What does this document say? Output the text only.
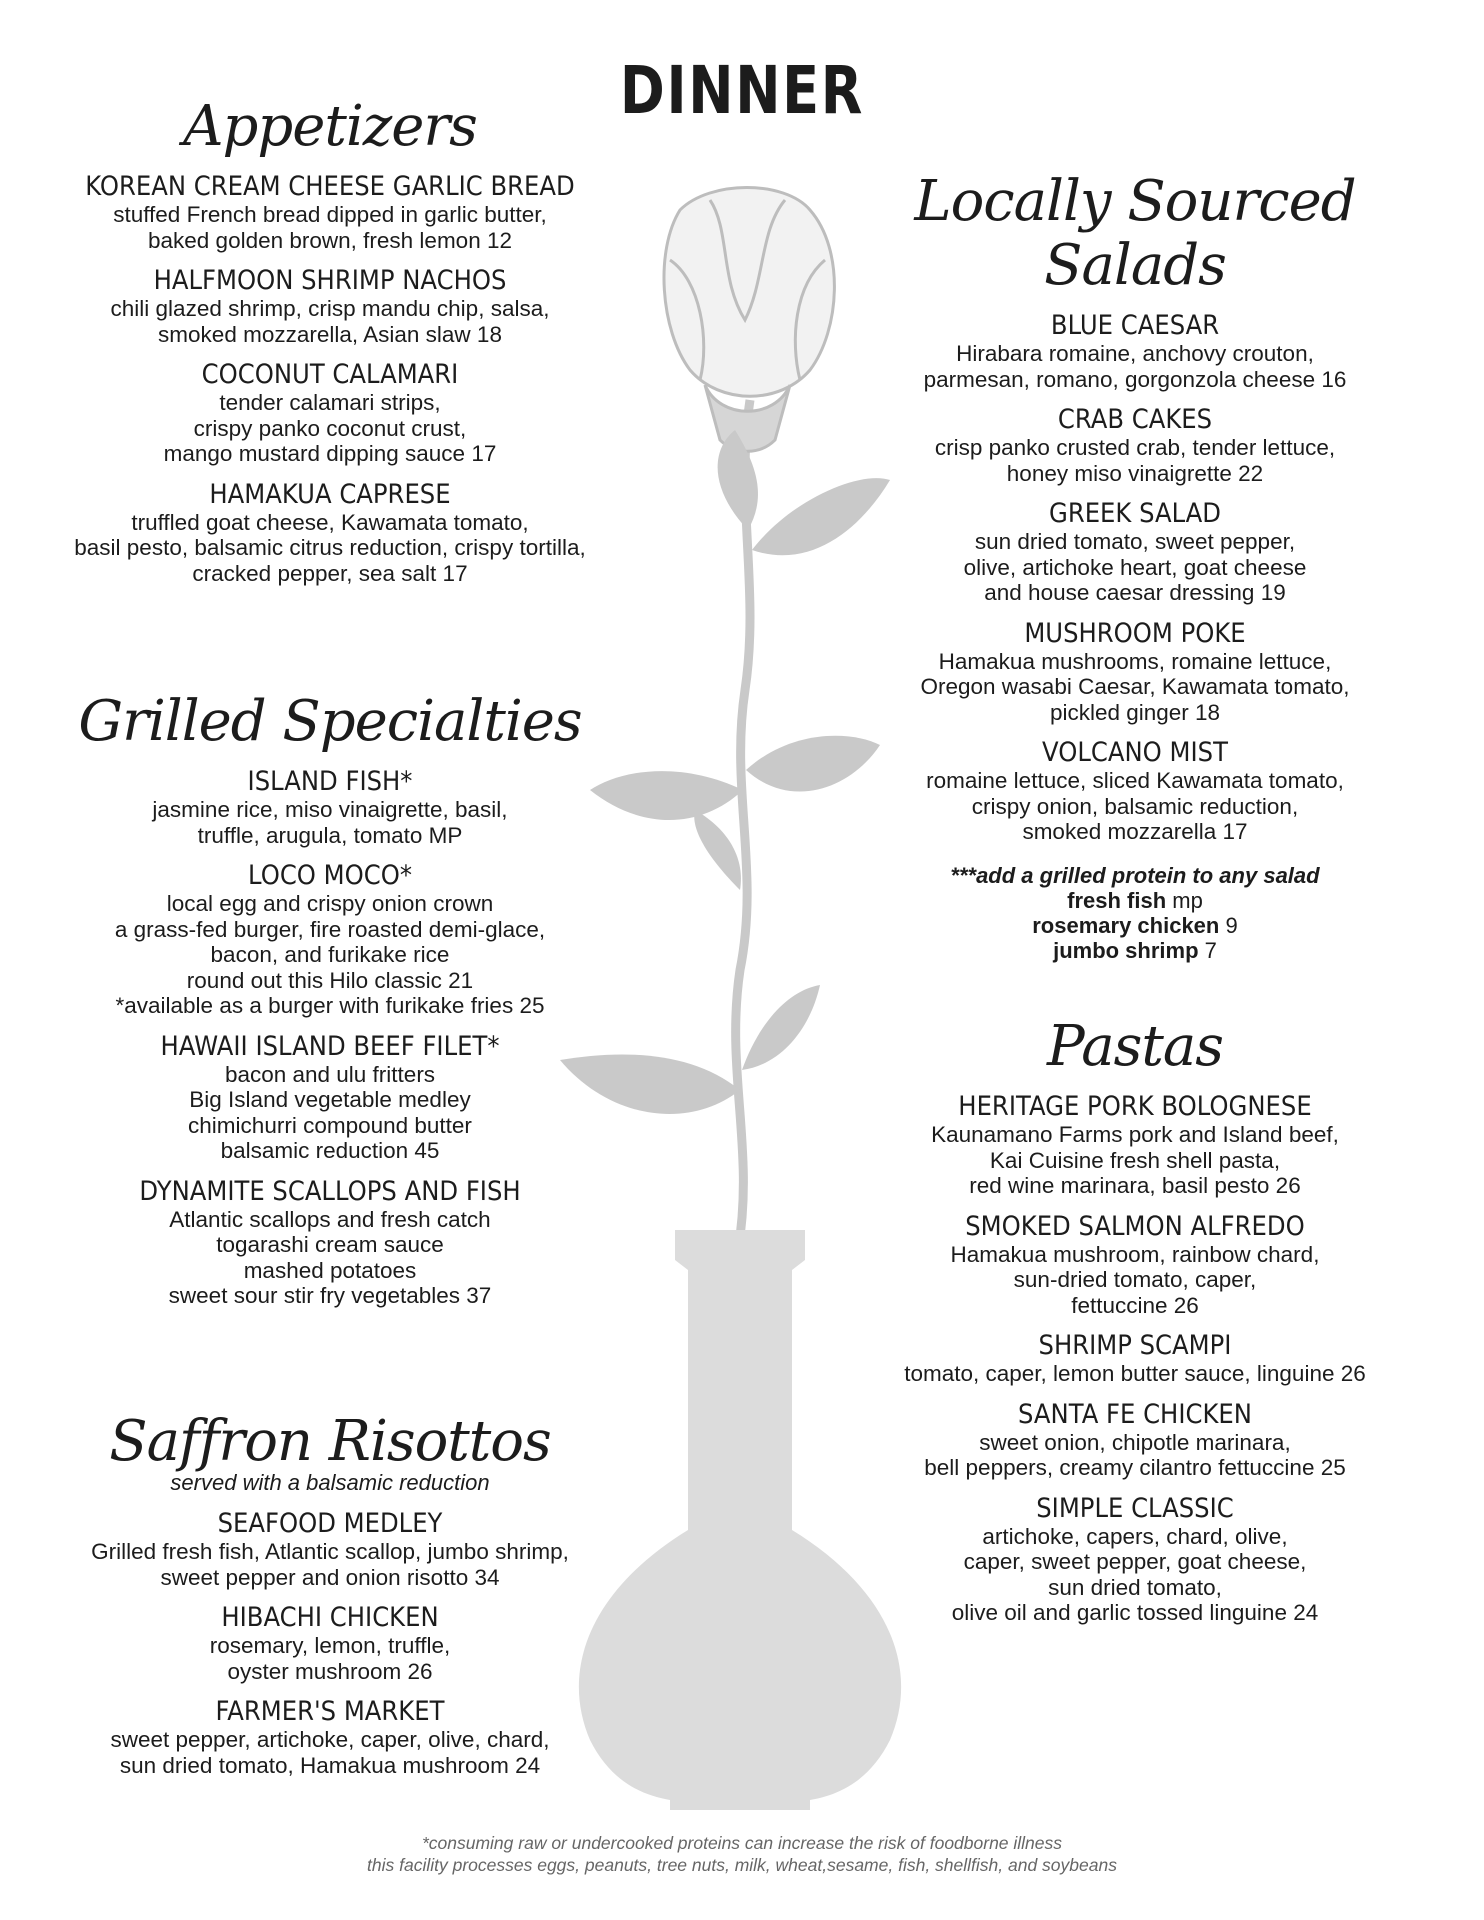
DINNER
Appetizers
KOREAN CREAM CHEESE GARLIC BREAD
stuffed French bread dipped in garlic butter,
baked golden brown, fresh lemon 12
HALFMOON SHRIMP NACHOS
chili glazed shrimp, crisp mandu chip, salsa,
smoked mozzarella, Asian slaw 18
COCONUT CALAMARI
tender calamari strips,
crispy panko coconut crust,
mango mustard dipping sauce 17
HAMAKUA CAPRESE
truffled goat cheese, Kawamata tomato,
basil pesto, balsamic citrus reduction, crispy tortilla,
cracked pepper, sea salt 17
Grilled Specialties
ISLAND FISH*
jasmine rice, miso vinaigrette, basil,
truffle, arugula, tomato MP
LOCO MOCO*
local egg and crispy onion crown
a grass-fed burger, fire roasted demi-glace,
bacon, and furikake rice
round out this Hilo classic 21
*available as a burger with furikake fries 25
HAWAII ISLAND BEEF FILET*
bacon and ulu fritters
Big Island vegetable medley
chimichurri compound butter
balsamic reduction 45
DYNAMITE SCALLOPS AND FISH
Atlantic scallops and fresh catch
togarashi cream sauce
mashed potatoes
sweet sour stir fry vegetables 37
Saffron Risottos
served with a balsamic reduction
SEAFOOD MEDLEY
Grilled fresh fish, Atlantic scallop, jumbo shrimp,
sweet pepper and onion risotto 34
HIBACHI CHICKEN
rosemary, lemon, truffle,
oyster mushroom 26
FARMER'S MARKET
sweet pepper, artichoke, caper, olive, chard,
sun dried tomato, Hamakua mushroom 24
Locally Sourced Salads
BLUE CAESAR
Hirabara romaine, anchovy crouton,
parmesan, romano, gorgonzola cheese 16
CRAB CAKES
crisp panko crusted crab, tender lettuce,
honey miso vinaigrette 22
GREEK SALAD
sun dried tomato, sweet pepper,
olive, artichoke heart, goat cheese
and house caesar dressing 19
MUSHROOM POKE
Hamakua mushrooms, romaine lettuce,
Oregon wasabi Caesar, Kawamata tomato,
pickled ginger 18
VOLCANO MIST
romaine lettuce, sliced Kawamata tomato,
crispy onion, balsamic reduction,
smoked mozzarella 17
***add a grilled protein to any salad
fresh fish mp
rosemary chicken 9
jumbo shrimp 7
Pastas
HERITAGE PORK BOLOGNESE
Kaunamano Farms pork and Island beef,
Kai Cuisine fresh shell pasta,
red wine marinara, basil pesto 26
SMOKED SALMON ALFREDO
Hamakua mushroom, rainbow chard,
sun-dried tomato, caper,
fettuccine 26
SHRIMP SCAMPI
tomato, caper, lemon butter sauce, linguine 26
SANTA FE CHICKEN
sweet onion, chipotle marinara,
bell peppers, creamy cilantro fettuccine 25
SIMPLE CLASSIC
artichoke, capers, chard, olive,
caper, sweet pepper, goat cheese,
sun dried tomato,
olive oil and garlic tossed linguine 24
*consuming raw or undercooked proteins can increase the risk of foodborne illness
this facility processes eggs, peanuts, tree nuts, milk, wheat,sesame, fish, shellfish, and soybeans
